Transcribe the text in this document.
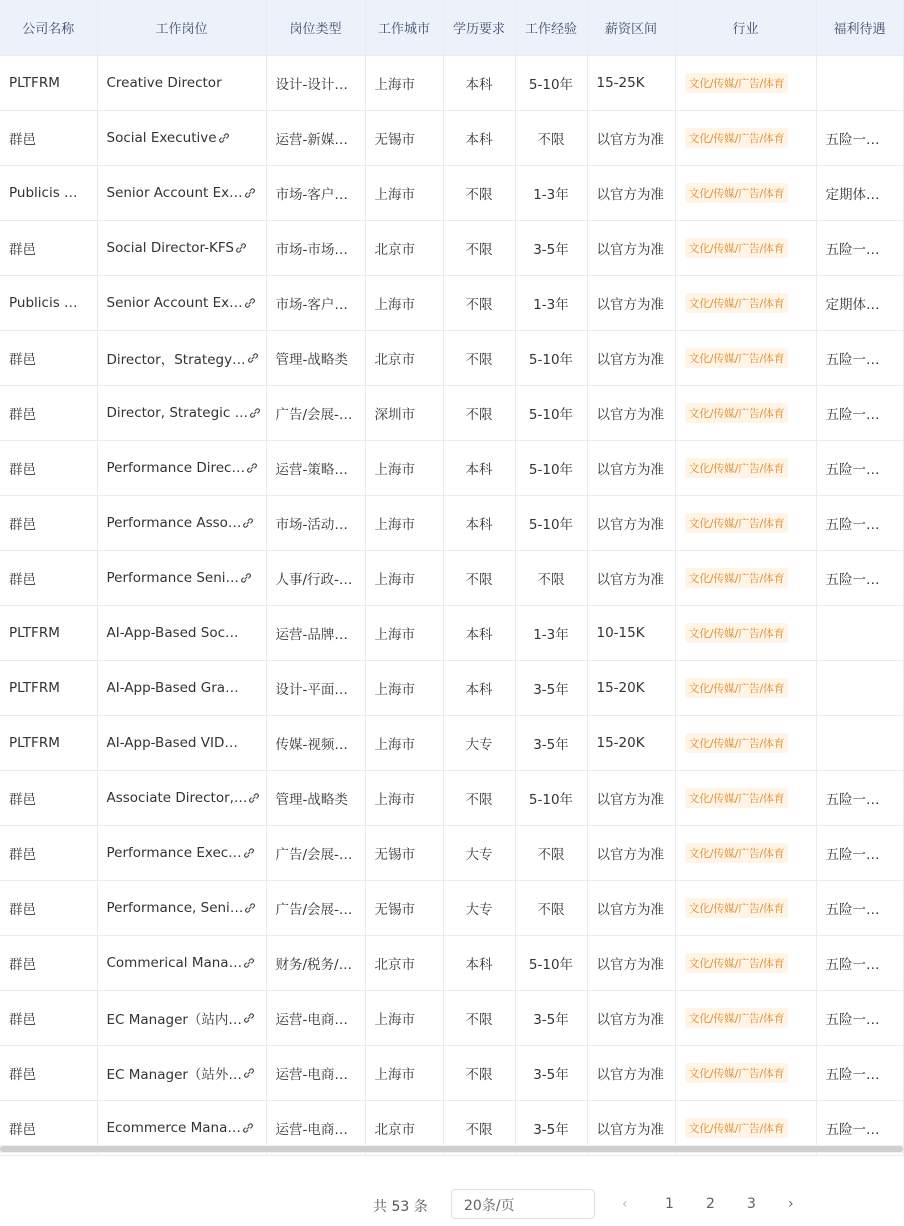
公司名称	工作岗位	岗位类型	工作城市	学历要求	工作经验	薪资区间	行业	福利待遇
PLTFRM	Creative Director	设计-设计…	上海市	本科	5-10年	15-25K	文化/传媒/广告/体育	
群邑	Social Executive	运营-新媒…	无锡市	本科	不限	以官方为准	文化/传媒/广告/体育	五险一…
Publicis …	Senior Account Ex…	市场-客户…	上海市	不限	1-3年	以官方为准	文化/传媒/广告/体育	定期体…
群邑	Social Director-KFS	市场-市场…	北京市	不限	3-5年	以官方为准	文化/传媒/广告/体育	五险一…
Publicis …	Senior Account Ex…	市场-客户…	上海市	不限	1-3年	以官方为准	文化/传媒/广告/体育	定期体…
群邑	Director，Strategy…	管理-战略类	北京市	不限	5-10年	以官方为准	文化/传媒/广告/体育	五险一…
群邑	Director, Strategic …	广告/会展-…	深圳市	不限	5-10年	以官方为准	文化/传媒/广告/体育	五险一…
群邑	Performance Direc…	运营-策略…	上海市	本科	5-10年	以官方为准	文化/传媒/广告/体育	五险一…
群邑	Performance Asso…	市场-活动…	上海市	本科	5-10年	以官方为准	文化/传媒/广告/体育	五险一…
群邑	Performance Seni…	人事/行政-…	上海市	不限	不限	以官方为准	文化/传媒/广告/体育	五险一…
PLTFRM	AI-App-Based Soc…	运营-品牌…	上海市	本科	1-3年	10-15K	文化/传媒/广告/体育	
PLTFRM	AI-App-Based Gra…	设计-平面…	上海市	本科	3-5年	15-20K	文化/传媒/广告/体育	
PLTFRM	AI-App-Based VID…	传媒-视频…	上海市	大专	3-5年	15-20K	文化/传媒/广告/体育	
群邑	Associate Director,…	管理-战略类	上海市	不限	5-10年	以官方为准	文化/传媒/广告/体育	五险一…
群邑	Performance Exec…	广告/会展-…	无锡市	大专	不限	以官方为准	文化/传媒/广告/体育	五险一…
群邑	Performance, Seni…	广告/会展-…	无锡市	大专	不限	以官方为准	文化/传媒/广告/体育	五险一…
群邑	Commerical Mana…	财务/税务/…	北京市	本科	5-10年	以官方为准	文化/传媒/广告/体育	五险一…
群邑	EC Manager（站内…	运营-电商…	上海市	不限	3-5年	以官方为准	文化/传媒/广告/体育	五险一…
群邑	EC Manager（站外…	运营-电商…	上海市	不限	3-5年	以官方为准	文化/传媒/广告/体育	五险一…
群邑	Ecommerce Mana…	运营-电商…	北京市	不限	3-5年	以官方为准	文化/传媒/广告/体育	五险一…
共 53 条	20条/页	‹	1 2 3 ›
